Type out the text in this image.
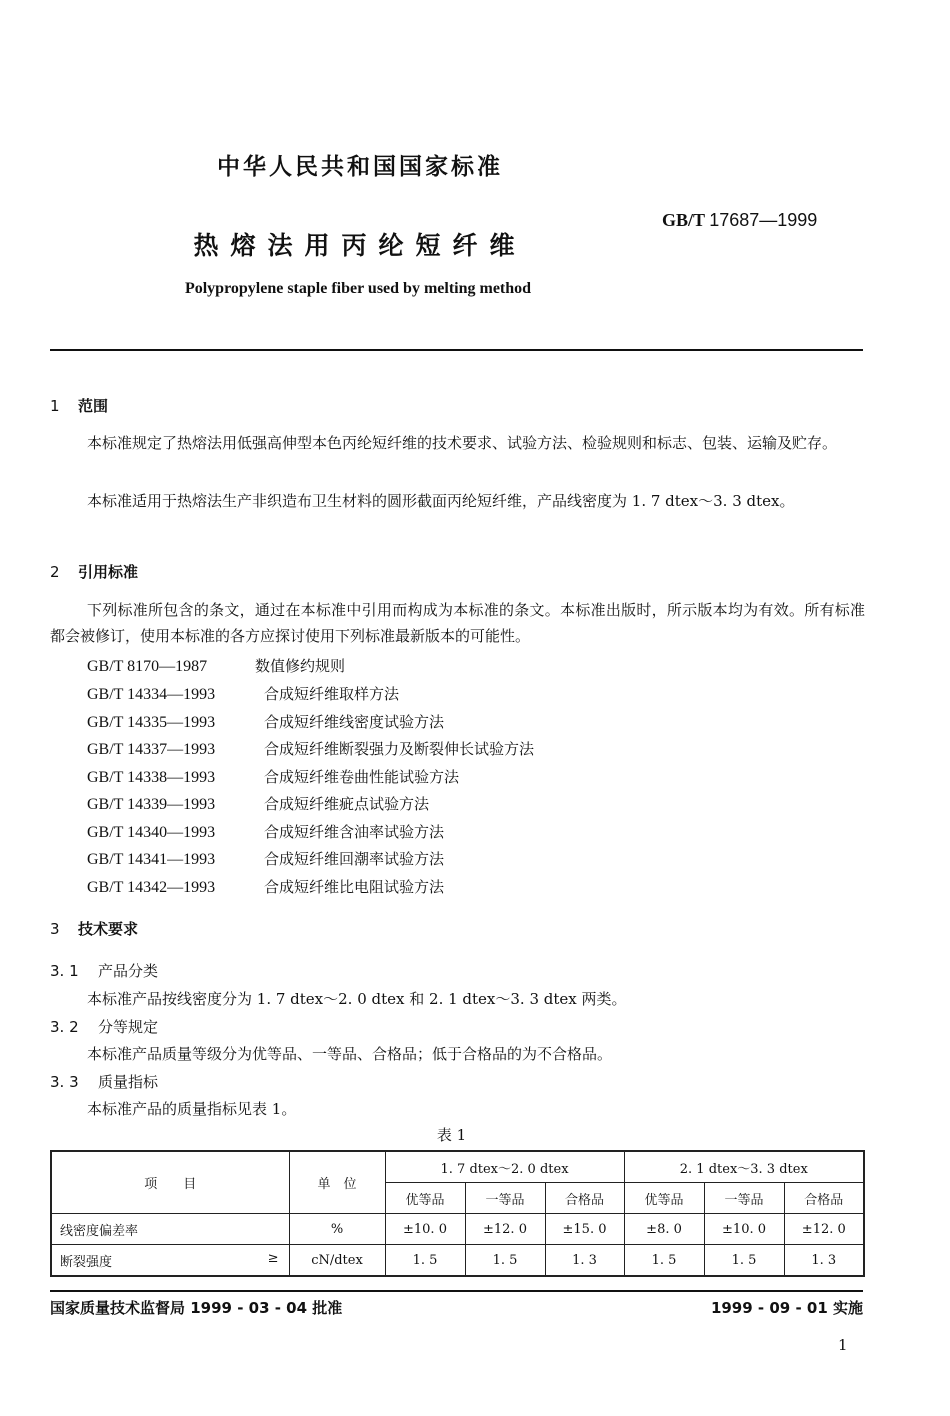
中华人民共和国国家标准
GB/T 17687—1999
热熔法用丙纶短纤维
Polypropylene staple fiber used by melting method
1 范围
本标准规定了热熔法用低强高伸型本色丙纶短纤维的技术要求、试验方法、检验规则和标志、包装、运输及贮存。
本标准适用于热熔法生产非织造布卫生材料的圆形截面丙纶短纤维，产品线密度为 1. 7 dtex～3. 3 dtex。
2 引用标准
下列标准所包含的条文，通过在本标准中引用而构成为本标准的条文。本标准出版时，所示版本均为有效。所有标准都会被修订，使用本标准的各方应探讨使用下列标准最新版本的可能性。
GB/T 8170—1987	数值修约规则
GB/T 14334—1993	合成短纤维取样方法
GB/T 14335—1993	合成短纤维线密度试验方法
GB/T 14337—1993	合成短纤维断裂强力及断裂伸长试验方法
GB/T 14338—1993	合成短纤维卷曲性能试验方法
GB/T 14339—1993	合成短纤维疵点试验方法
GB/T 14340—1993	合成短纤维含油率试验方法
GB/T 14341—1993	合成短纤维回潮率试验方法
GB/T 14342—1993	合成短纤维比电阻试验方法
3 技术要求
3. 1 产品分类
本标准产品按线密度分为 1. 7 dtex～2. 0 dtex 和 2. 1 dtex～3. 3 dtex 两类。
3. 2 分等规定
本标准产品质量等级分为优等品、一等品、合格品；低于合格品的为不合格品。
3. 3 质量指标
本标准产品的质量指标见表 1。
表 1
项　　目	单　位	1. 7 dtex～2. 0 dtex			2. 1 dtex～3. 3 dtex		
		优等品	一等品	合格品	优等品	一等品	合格品
线密度偏差率	%	±10. 0	±12. 0	±15. 0	±8. 0	±10. 0	±12. 0
断裂强度 ≥	cN/dtex	1. 5	1. 5	1. 3	1. 5	1. 5	1. 3
国家质量技术监督局 1999 - 03 - 04 批准	1999 - 09 - 01 实施
1
